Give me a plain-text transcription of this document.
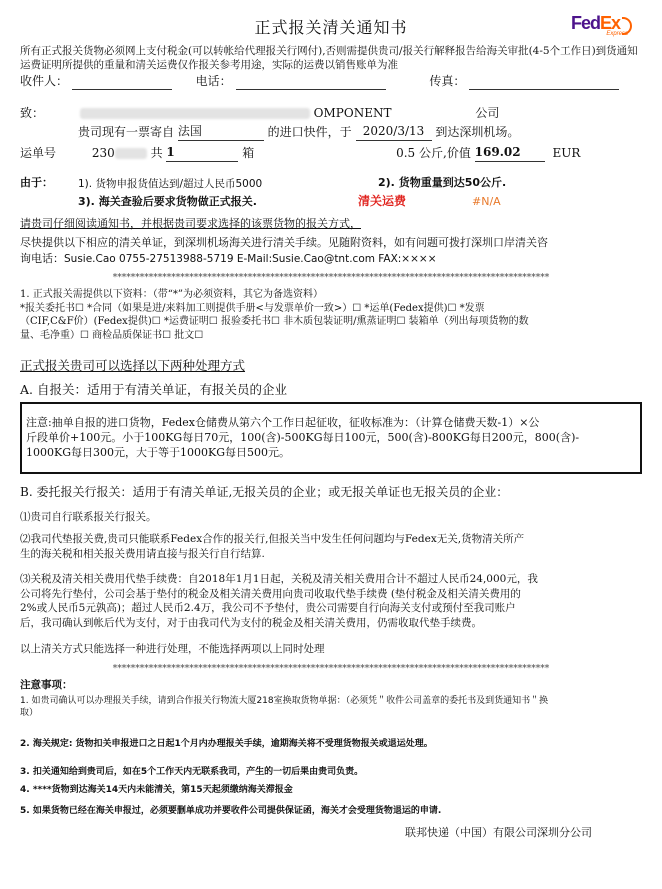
正式报关清关通知书	FedEx
Express
所有正式报关货物必须网上支付税金(可以转帐给代理报关行网付),否则需提供贵司/报关行解释报告给海关审批(4-5个工作日)到货通知运费证明所提供的重量和清关运费仅作报关参考用途，实际的运费以销售账单为准
收件人：	电话：	传真：
致：	OMPONENT	公司
贵司现有一票寄自 法国	的进口快件，于 2020/3/13 到达深圳机场。
运单号	230	共 1	箱	0.5 公斤,价值 169.02	EUR
由于： 1). 货物申报货值达到/超过人民币5000	2). 货物重量到达50公斤.
3). 海关查验后要求货物做正式报关.	清关运费	#N/A
请贵司仔细阅读通知书，并根据贵司要求选择的该票货物的报关方式，
尽快提供以下相应的清关单证，到深圳机场海关进行清关手续。见随附资料，如有问题可拨打深圳口岸清关咨
询电话：Susie.Cao 0755-27513988-5719 E-Mail:Susie.Cao@tnt.com FAX:××××
*************************************************************************************************
1. 正式报关需提供以下资料：（带“*”为必须资料，其它为备选资料）
*报关委托书☐ *合同（如果是进/来料加工则提供手册<与发票单价一致>）☐ *运单(Fedex提供)☐ *发票
（CIF,C&F价）(Fedex提供)☐ *运费证明☐ 报验委托书☐ 非木质包装证明/熏蒸证明☐ 装箱单（列出每项货物的数
量、毛净重）☐ 商检品质保证书☐ 批文☐
正式报关贵司可以选择以下两种处理方式
A. 自报关：适用于有清关单证，有报关员的企业
注意:抽单自报的进口货物，Fedex仓储费从第六个工作日起征收，征收标准为：（计算仓储费天数-1）×公
斤段单价+100元。小于100KG每日70元，100(含)-500KG每日100元，500(含)-800KG每日200元，800(含)-
1000KG每日300元，大于等于1000KG每日500元。
B. 委托报关行报关：适用于有清关单证,无报关员的企业；或无报关单证也无报关员的企业：
⑴贵司自行联系报关行报关。
⑵我司代垫报关费,贵司只能联系Fedex合作的报关行,但报关当中发生任何问题均与Fedex无关,货物清关所产
生的海关税和相关报关费用请直接与报关行自行结算.
⑶关税及清关相关费用代垫手续费：自2018年1月1日起，关税及清关相关费用合计不超过人民币24,000元，我
公司将先行垫付，公司会基于垫付的税金及相关清关费用向贵司收取代垫手续费 (垫付税金及相关清关费用的
2%或人民币5元孰高)；超过人民币2.4万，我公司不予垫付，贵公司需要自行向海关支付或预付至我司账户
后，我司确认到帐后代为支付，对于由我司代为支付的税金及相关清关费用，仍需收取代垫手续费。
以上清关方式只能选择一种进行处理，不能选择两项以上同时处理
*************************************************************************************************
注意事项：
1. 如贵司确认可以办理报关手续，请到合作报关行物流大厦218室换取货物单据：（必须凭＂收件公司盖章的委托书及到货通知书＂换
取）
2. 海关规定: 货物扣关申报进口之日起1个月内办理报关手续，逾期海关将不受理货物报关或退运处理。
3. 扣关通知给到贵司后，如在5个工作天内无联系我司，产生的一切后果由贵司负责。
4. ****货物到达海关14天内未能清关，第15天起须缴纳海关滞报金
5. 如果货物已经在海关申报过，必须要删单成功并要收件公司提供保证函，海关才会受理货物退运的申请.
联邦快递（中国）有限公司深圳分公司
